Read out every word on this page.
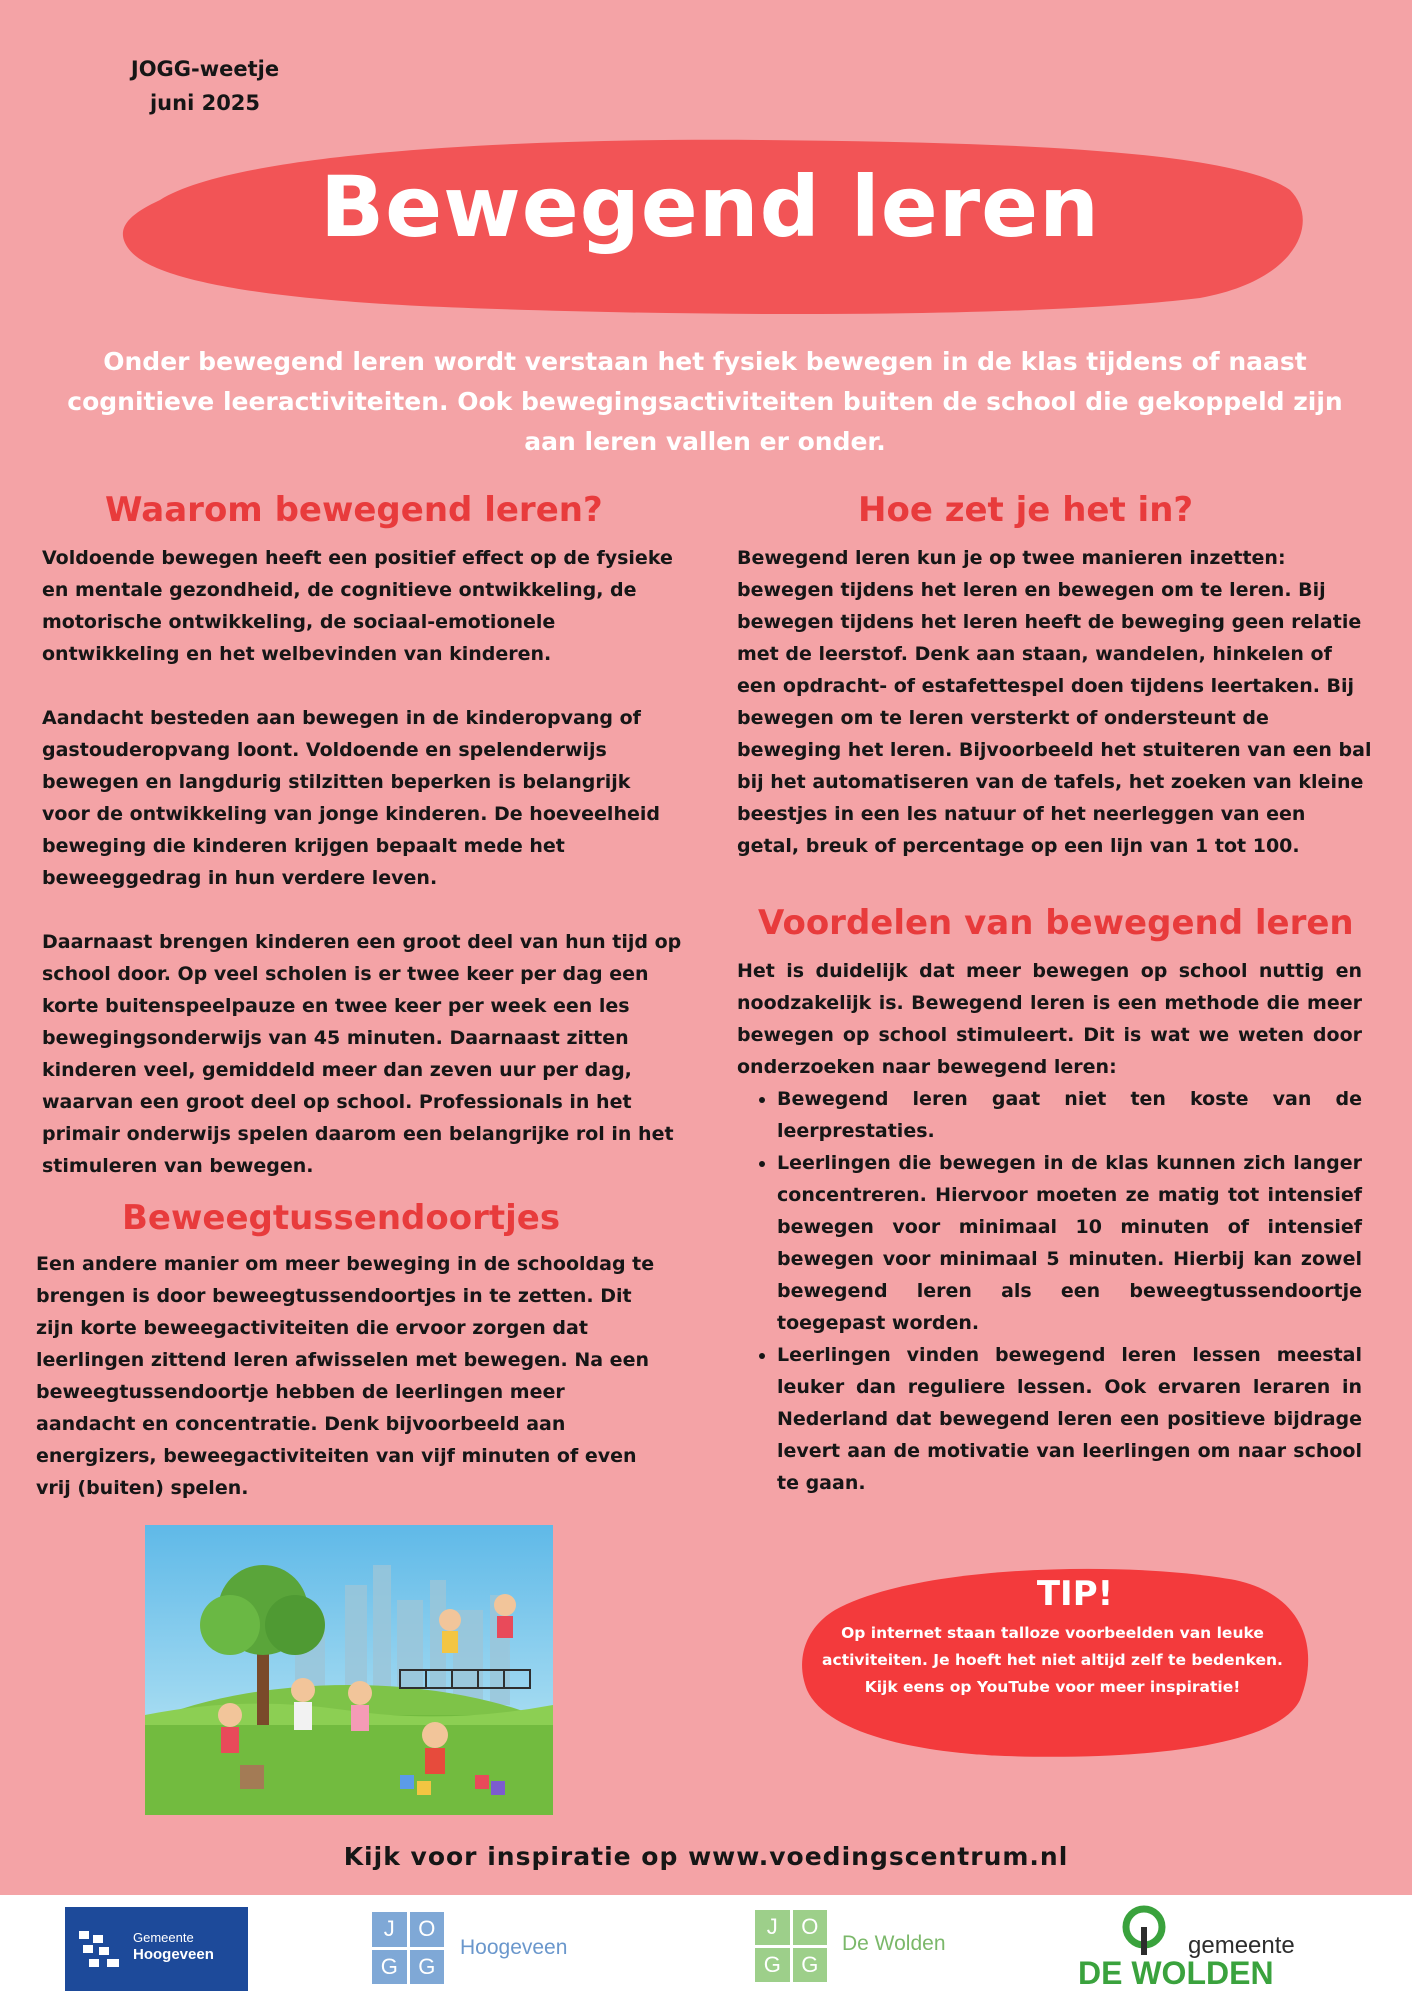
JOGG-weetje
juni 2025
Bewegend leren
Onder bewegend leren wordt verstaan het fysiek bewegen in de klas tijdens of naast cognitieve leeractiviteiten. Ook bewegingsactiviteiten buiten de school die gekoppeld zijn aan leren vallen er onder.
Waarom bewegend leren?

Voldoende bewegen heeft een positief effect op de fysieke en mentale gezondheid, de cognitieve ontwikkeling, de motorische ontwikkeling, de sociaal-emotionele ontwikkeling en het welbevinden van kinderen.

Aandacht besteden aan bewegen in de kinderopvang of gastouderopvang loont. Voldoende en spelenderwijs bewegen en langdurig stilzitten beperken is belangrijk voor de ontwikkeling van jonge kinderen. De hoeveelheid beweging die kinderen krijgen bepaalt mede het beweeggedrag in hun verdere leven.

Daarnaast brengen kinderen een groot deel van hun tijd op school door. Op veel scholen is er twee keer per dag een korte buitenspeelpauze en twee keer per week een les bewegingsonderwijs van 45 minuten. Daarnaast zitten kinderen veel, gemiddeld meer dan zeven uur per dag, waarvan een groot deel op school. Professionals in het primair onderwijs spelen daarom een belangrijke rol in het stimuleren van bewegen.

Beweegtussendoortjes
Een andere manier om meer beweging in de schooldag te brengen is door beweegtussendoortjes in te zetten. Dit zijn korte beweegactiviteiten die ervoor zorgen dat leerlingen zittend leren afwisselen met bewegen. Na een beweegtussendoortje hebben de leerlingen meer aandacht en concentratie. Denk bijvoorbeeld aan energizers, beweegactiviteiten van vijf minuten of even vrij (buiten) spelen.
Hoe zet je het in?
Bewegend leren kun je op twee manieren inzetten: bewegen tijdens het leren en bewegen om te leren. Bij bewegen tijdens het leren heeft de beweging geen relatie met de leerstof. Denk aan staan, wandelen, hinkelen of een opdracht- of estafettespel doen tijdens leertaken. Bij bewegen om te leren versterkt of ondersteunt de beweging het leren. Bijvoorbeeld het stuiteren van een bal bij het automatiseren van de tafels, het zoeken van kleine beestjes in een les natuur of het neerleggen van een getal, breuk of percentage op een lijn van 1 tot 100.
Voordelen van bewegend leren
Het is duidelijk dat meer bewegen op school nuttig en noodzakelijk is. Bewegend leren is een methode die meer bewegen op school stimuleert. Dit is wat we weten door onderzoeken naar bewegend leren:
• Bewegend leren gaat niet ten koste van de leerprestaties.
• Leerlingen die bewegen in de klas kunnen zich langer concentreren. Hiervoor moeten ze matig tot intensief bewegen voor minimaal 10 minuten of intensief bewegen voor minimaal 5 minuten. Hierbij kan zowel bewegend leren als een beweegtussendoortje toegepast worden.
• Leerlingen vinden bewegend leren lessen meestal leuker dan reguliere lessen. Ook ervaren leraren in Nederland dat bewegend leren een positieve bijdrage levert aan de motivatie van leerlingen om naar school te gaan.
TIP!
Op internet staan talloze voorbeelden van leuke activiteiten. Je hoeft het niet altijd zelf te bedenken. Kijk eens op YouTube voor meer inspiratie!
Kijk voor inspiratie op www.voedingscentrum.nl
Gemeente
Hoogeveen
J	O
G G
Hoogeveen
J	O
G G
De Wolden	gemeente
DE WOLDEN
